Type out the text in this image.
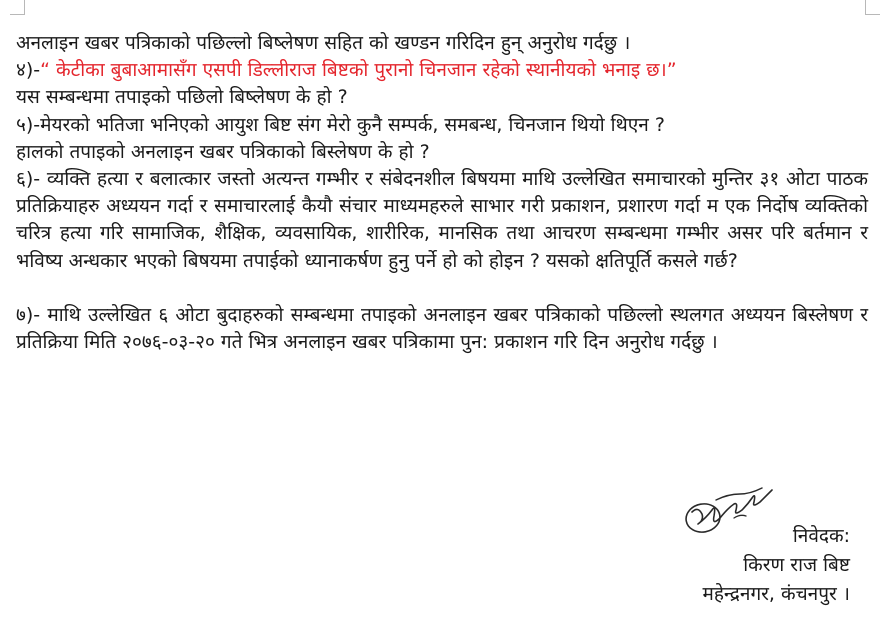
अनलाइन खबर पत्रिकाको पछिल्लो बिष्लेषण सहित को खण्डन गरिदिन हुन् अनुरोध गर्दछु ।

४)-“ केटीका बुबाआमासँग एसपी डिल्लीराज बिष्टको पुरानो चिनजान रहेको स्थानीयको भनाइ छ।”

यस सम्बन्धमा तपाइको पछिलो बिष्लेषण के हो ?

५)-मेयरको भतिजा भनिएको आयुश बिष्ट संग मेरो कुनै सम्पर्क, समबन्ध, चिनजान थियो थिएन ?

हालको तपाइको अनलाइन खबर पत्रिकाको बिस्लेषण के हो ?

६)- व्यक्ति हत्या र बलात्कार जस्तो अत्यन्त गम्भीर र संबेदनशील बिषयमा माथि उल्लेखित समाचारको मुन्तिर ३१ ओटा पाठक प्रतिक्रियाहरु अध्ययन गर्दा र समाचारलाई कैयौ संचार माध्यमहरुले साभार गरी प्रकाशन, प्रशारण गर्दा म एक निर्दोष व्यक्तिको चरित्र हत्या गरि सामाजिक, शैक्षिक, व्यवसायिक, शारीरिक, मानसिक तथा आचरण सम्बन्धमा गम्भीर असर परि बर्तमान र भविष्य अन्धकार भएको बिषयमा तपाईको ध्यानाकर्षण हुनु पर्ने हो को होइन ? यसको क्षतिपूर्ति कसले गर्छ?

७)- माथि उल्लेखित ६ ओटा बुदाहरुको सम्बन्धमा तपाइको अनलाइन खबर पत्रिकाको पछिल्लो स्थलगत अध्ययन बिस्लेषण र प्रतिक्रिया मिति २०७६-०३-२० गते भित्र अनलाइन खबर पत्रिकामा पुन: प्रकाशन गरि दिन अनुरोध गर्दछु ।

निवेदक:

किरण राज बिष्ट

महेन्द्रनगर, कंचनपुर ।
